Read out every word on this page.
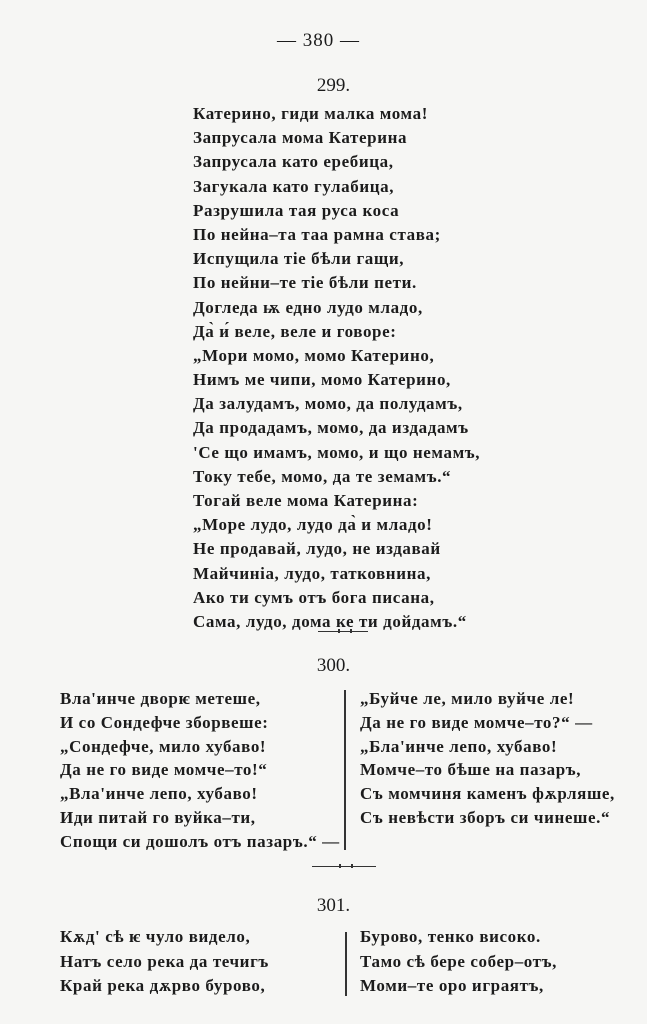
— 380 —
299.
Катерино, гиди малка мома!
Запрусала мома Катерина
Запрусала като еребица,
Загукала като гулабица,
Разрушила тая руса коса
По нейна–та таа рамна става;
Испущила тіе бѣли гащи,
По нейни–те тіе бѣли пети.
Догледа ѭ едно лудо младо,
Да̀ и́ веле, веле и говоре:
„Мори момо, момо Катерино,
Нимъ ме чипи, момо Катерино,
Да залудамъ, момо, да полудамъ,
Да продадамъ, момо, да издадамъ
'Се що имамъ, момо, и що немамъ,
Току тебе, момо, да те земамъ.“
Тогай веле мома Катерина:
„Море лудо, лудо да̀ и младо!
Не продавай, лудо, не издавай
Майчиніа, лудо, татковнина,
Ако ти сумъ отъ бога писана,
Сама, лудо, дома ке ти дойдамъ.“
300.
Вла'инче дворѥ метеше,
И со Сондефче зборвеше:
„Сондефче, мило хубаво!
Да не го виде момче–то!“
„Вла'инче лепо, хубаво!
Иди питай го вуйка–ти,
Спощи си дошолъ отъ пазаръ.“ —
„Буйче ле, мило вуйче ле!
Да не го виде момче–то?“ —
„Бла'инче лепо, хубаво!
Момче–то бѣше на пазаръ,
Съ момчиня каменъ фѫрляше,
Съ невѣсти зборъ си чинеше.“
301.
Кѫд' сѣ ѥ чуло видело,
Натъ село река да течигъ
Край река дѫрво бурово,
Бурово, тенко високо.
Тамо сѣ бере собер–отъ,
Моми–те оро играятъ,
